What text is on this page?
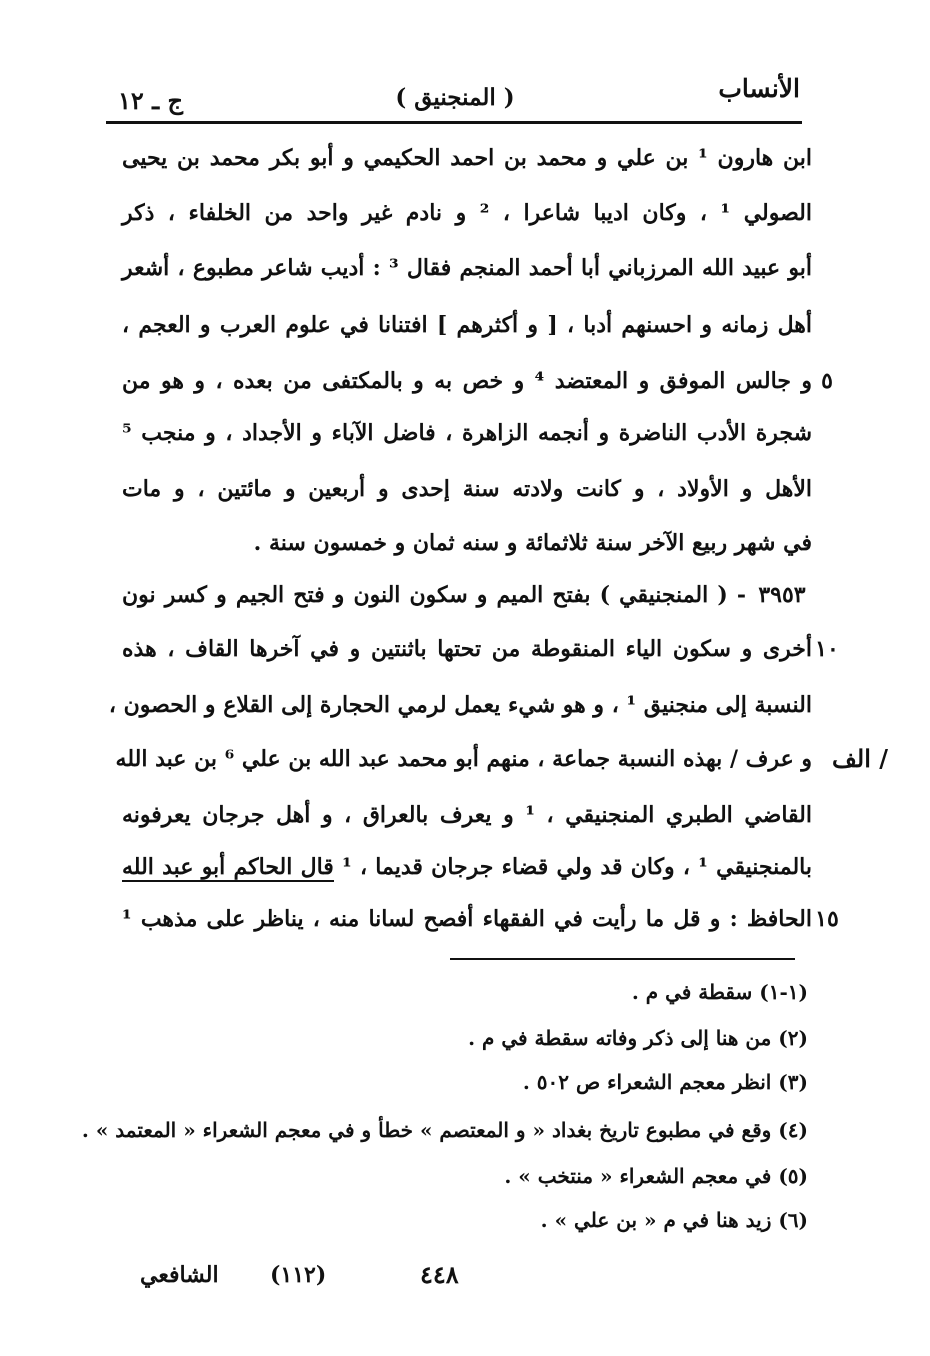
الأنساب
( المنجنيق )
ج ـ ١٢
ابن هارون ¹ بن علي و محمد بن احمد الحكيمي و أبو بكر محمد بن يحيى
الصولي ¹ ، وكان اديبا شاعرا ، ² و نادم غير واحد من الخلفاء ، ذكر
أبو عبيد الله المرزباني أبا أحمد المنجم فقال ³ : أديب شاعر مطبوع ، أشعر
أهل زمانه و احسنهم أدبا ، [ و أكثرهم ] افتنانا في علوم العرب و العجم ،
و جالس الموفق و المعتضد ⁴ و خص به و بالمكتفى من بعده ، و هو من ٥
شجرة الأدب الناضرة و أنجمه الزاهرة ، فاضل الآباء و الأجداد ، و منجب ⁵
الأهل و الأولاد ، و كانت ولادته سنة إحدى و أربعين و مائتين ، و مات
في شهر ربيع الآخر سنة ثلاثمائة و سنه ثمان و خمسون سنة .
- ( المنجنيقي ) بفتح الميم و سكون النون و فتح الجيم و كسر نون ٣٩٥٣
أخرى و سكون الياء المنقوطة من تحتها باثنتين و في آخرها القاف ، هذه ١٠
النسبة إلى منجنيق ¹ ، و هو شيء يعمل لرمي الحجارة إلى القلاع و الحصون ،
و عرف / بهذه النسبة جماعة ، منهم أبو محمد عبد الله بن علي ⁶ بن عبد الله
القاضي الطبري المنجنيقي ، ¹ و يعرف بالعراق ، و أهل جرجان يعرفونه
بالمنجنيقي ¹ ، وكان قد ولي قضاء جرجان قديما ، ¹ قال الحاكم أبو عبد الله
الحافظ : و قل ما رأيت في الفقهاء أفصح لسانا منه ، يناظر على مذهب ¹ ١٥
/ الف
(١-١) سقطة في م .
(٢) من هنا إلى ذكر وفاته سقطة في م .
(٣) انظر معجم الشعراء ص ٥٠٢ .
(٤) وقع في مطبوع تاريخ بغداد « و المعتصم » خطأ و في معجم الشعراء « المعتمد » .
(٥) في معجم الشعراء « منتخب » .
(٦) زيد هنا في م « بن علي » .
الشافعي (١١٢)	٤٤٨
